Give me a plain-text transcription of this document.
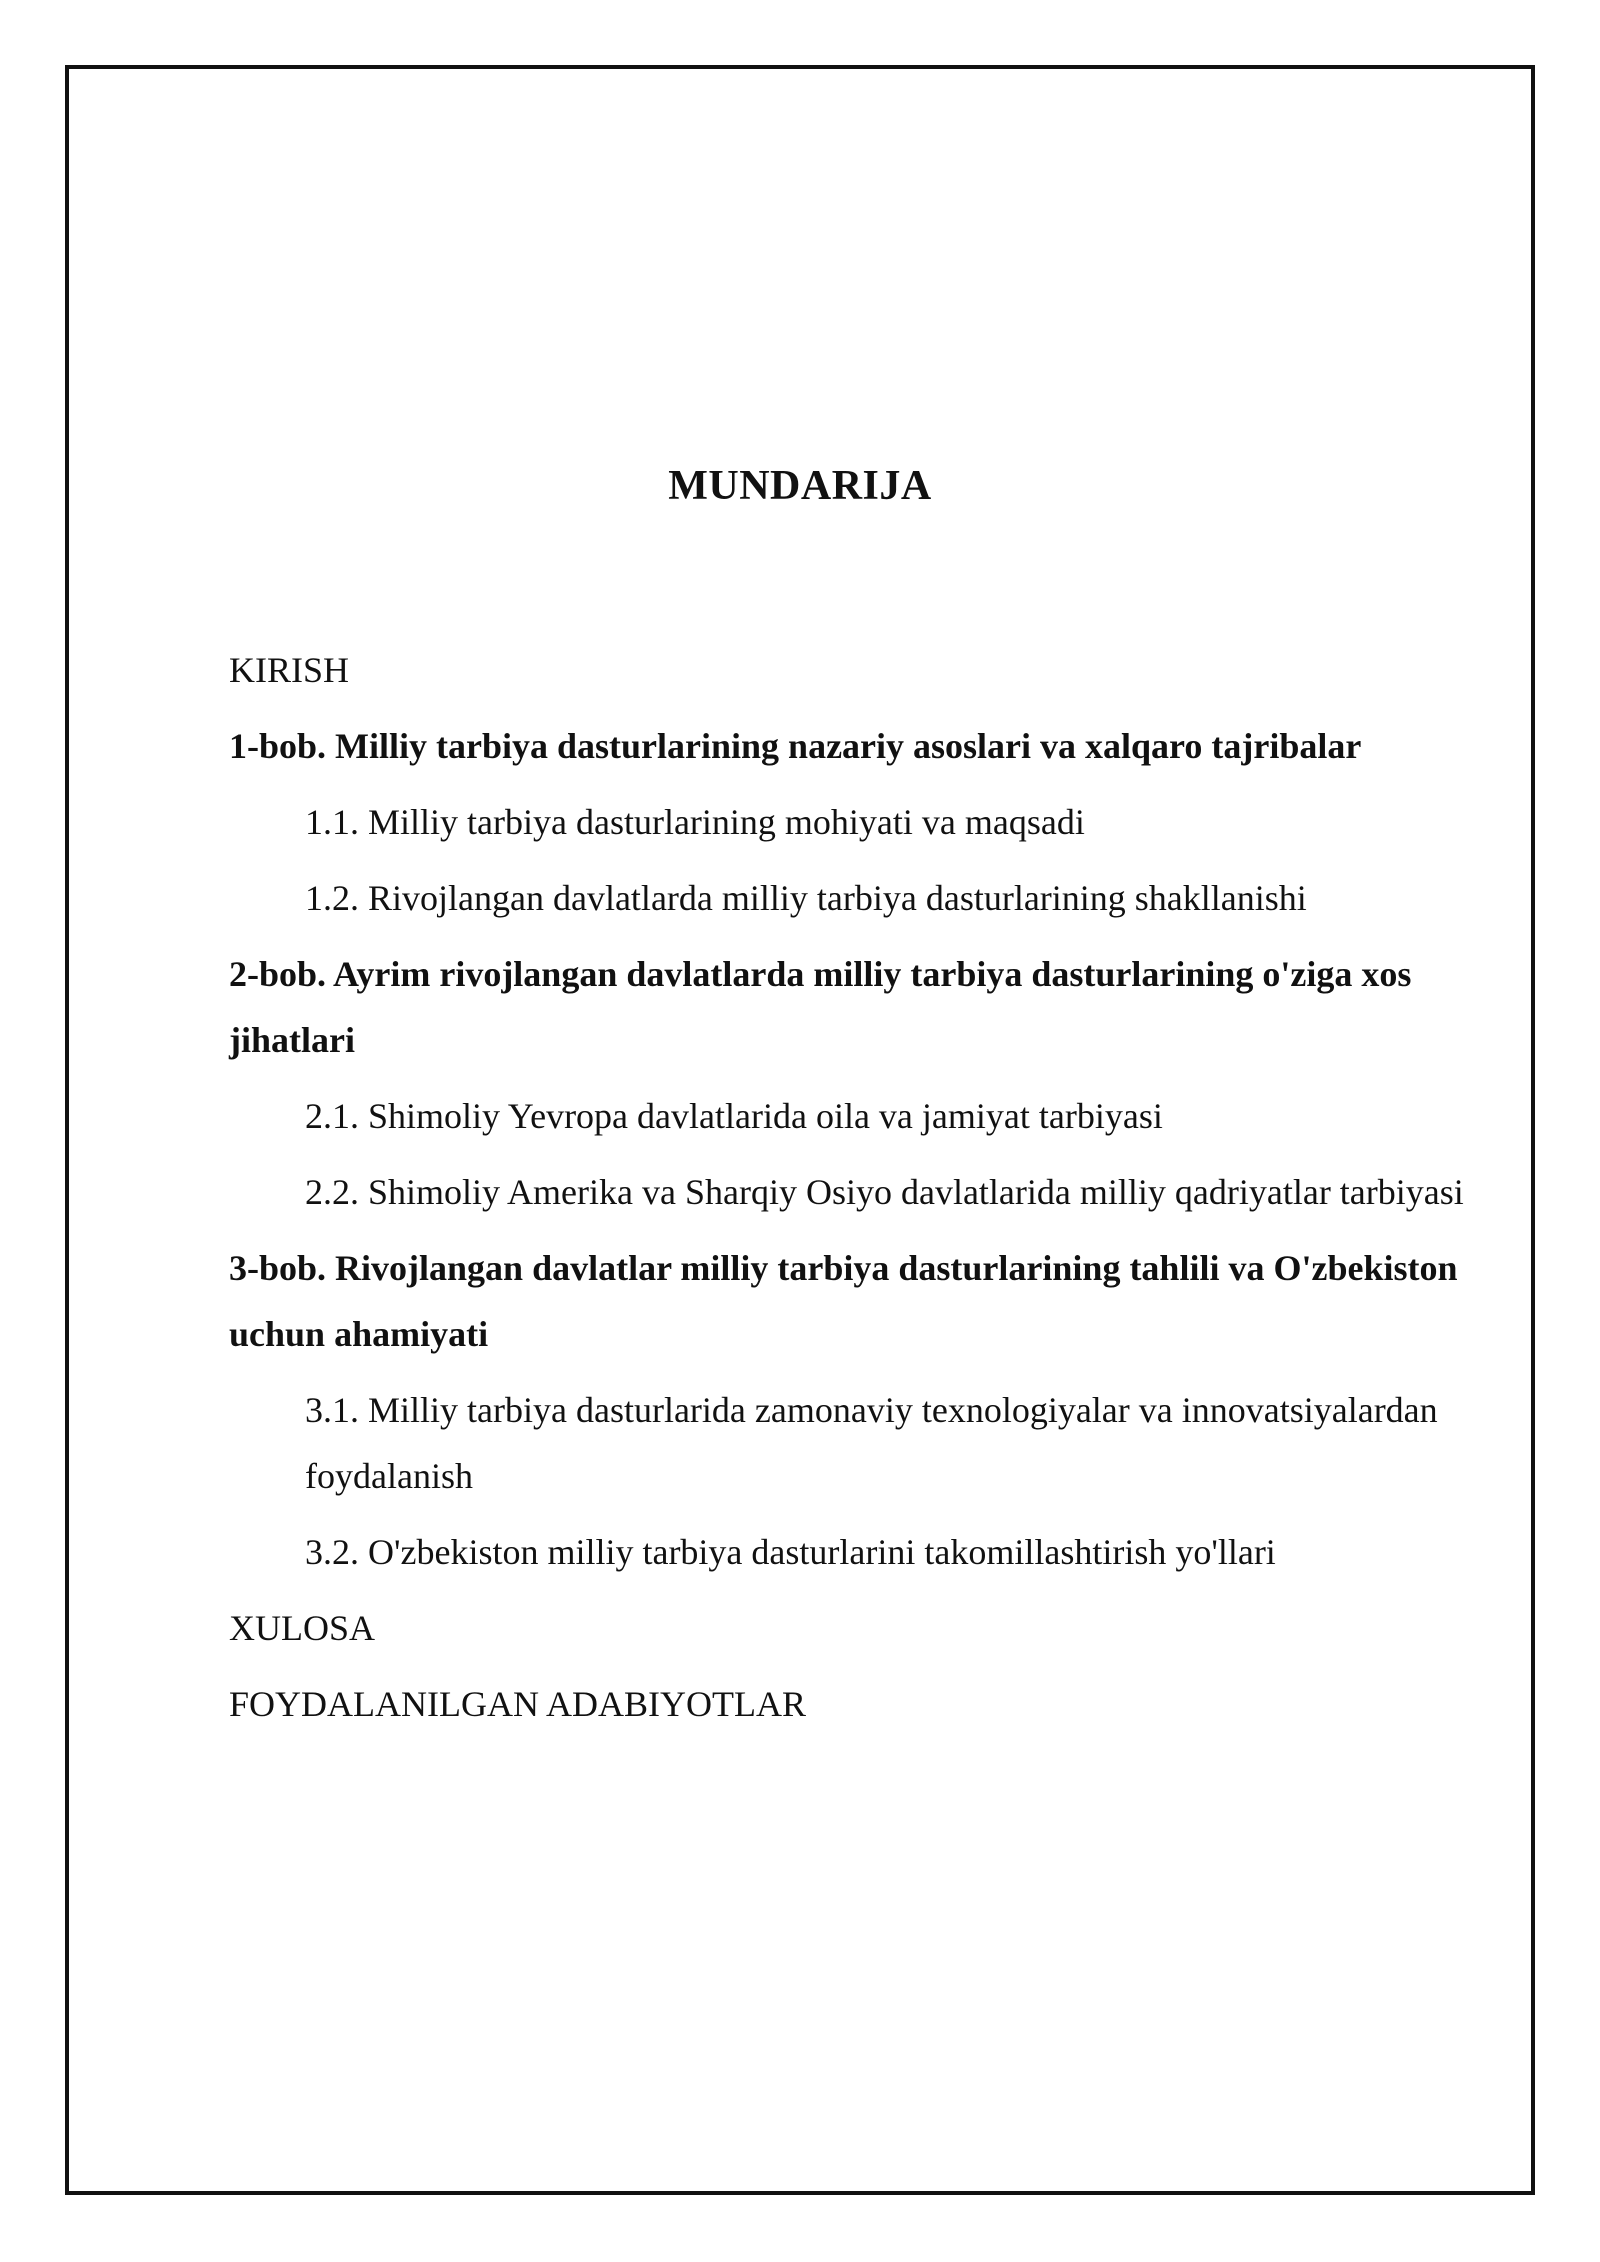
MUNDARIJA
KIRISH
1-bob. Milliy tarbiya dasturlarining nazariy asoslari va xalqaro tajribalar
1.1. Milliy tarbiya dasturlarining mohiyati va maqsadi
1.2. Rivojlangan davlatlarda milliy tarbiya dasturlarining shakllanishi
2-bob. Ayrim rivojlangan davlatlarda milliy tarbiya dasturlarining o'ziga xos jihatlari
2.1. Shimoliy Yevropa davlatlarida oila va jamiyat tarbiyasi
2.2. Shimoliy Amerika va Sharqiy Osiyo davlatlarida milliy qadriyatlar tarbiyasi
3-bob. Rivojlangan davlatlar milliy tarbiya dasturlarining tahlili va O'zbekiston uchun ahamiyati
3.1. Milliy tarbiya dasturlarida zamonaviy texnologiyalar va innovatsiyalardan foydalanish
3.2. O'zbekiston milliy tarbiya dasturlarini takomillashtirish yo'llari
XULOSA
FOYDALANILGAN ADABIYOTLAR
